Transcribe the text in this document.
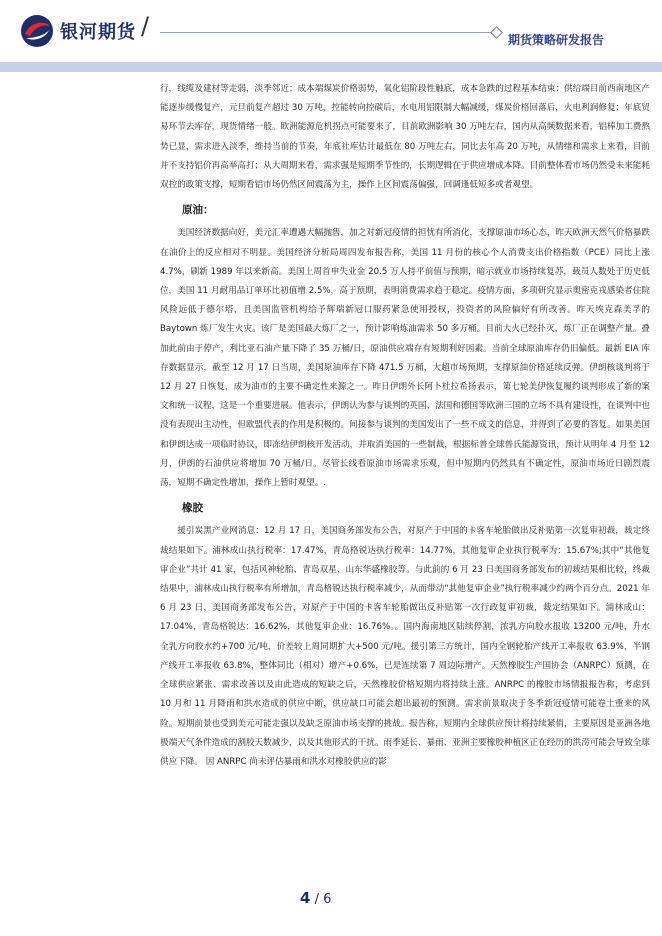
银河期货 /	期货策略研发报告

行，线缆及建材等走弱，淡季邻近；成本端煤炭价格弱势，氧化铝阶段性触底，成本急跌的过程基本结束；供给端目前西南地区产能逐步缓慢复产，元旦前复产超过 30 万吨，控能转向控碳后，水电用铝限制大幅减缓，煤炭价格回落后，火电利润修复；年底贸易环节去库存，现货情绪一般。欧洲能源危机拐点可能要来了，目前欧洲影响 30 万吨左右，国内从高频数据来看，铝棒加工费熬势已显，需求进入淡季，维持当前的节奏，年底社库估计最低在 80 万吨左右，同比去年高 20 万吨，从情绪和需求上来看，目前并不支持铝价再高举高打；从大周期来看，需求强是短期季节性的，长期逻辑在于供应增成本降。目前整体看市场仍然受未来能耗双控的政策支撑，短期看铝市场仍然区间震荡为主，操作上区间震荡偏强，回调逢低短多或者观望。

原油：

美国经济数据向好，美元汇率遭遇大幅抛售，加之对新冠疫情的担忧有所消化，支撑原油市场心态，昨天欧洲天然气价格暴跌在油价上的反应相对不明显。美国经济分析局周四发布报告称，美国 11 月份的核心个人消费支出价格指数（PCE）同比上涨 4.7%，刷新 1989 年以来新高。美国上周首申失业金 20.5 万人持平前值与预期，暗示就业市场持续复苏，载员人数处于历史低位，美国 11 月耐用品订单环比初值增 2.5%，高于预期，表明消费需求趋于稳定。疫情方面，多项研究显示奥密克戎感染者住院风险远低于德尔塔，且美国监管机构给予辉瑞新冠口服药紧急使用授权，投资者的风险偏好有所改善。昨天埃克森美孚的 Baytown 炼厂发生火灾。该厂是美国最大炼厂之一，预计影响炼油需求 50 多万桶。目前大火已经扑灭，炼厂正在调整产量。叠加此前由于停产，利比亚石油产量下降了 35 万桶/日，原油供应端存有短期利好因素。当前全球原油库存仍旧偏低。最新 EIA 库存数据显示，截至 12 月 17 日当周，美国原油库存下降 471.5 万桶，大超市场预期，支撑原油价格延续反弹。伊朗核谈判将于 12 月 27 日恢复，成为油市的主要不确定性来源之一。昨日伊朗外长阿卜杜拉希扬表示，第七轮美伊恢复履约谈判形成了新的案文和统一议程，这是一个重要进展。他表示，伊朗认为参与谈判的英国、法国和德国等欧洲三国的立场不具有建设性，在谈判中也没有表现出主动性，但欧盟代表的作用是积极的。间接参与谈判的美国发出了一些不成文的信息，并得到了必要的答复。如果美国和伊朗达成一项临时协议，即冻结伊朗核开发活动，并取消美国的一些制裁，根据标普全球普氏能源资讯，预计从明年 4 月至 12 月，伊朗的石油供应将增加 70 万桶/日。尽管长线看原油市场需求乐观，但中短期内仍然具有不确定性，原油市场近日剧烈震荡，短期不确定性增加，操作上暂时观望。.

橡胶

援引炭黑产业网消息：12 月 17 日，美国商务部发布公告，对原产于中国的卡客车轮胎做出反补贴第一次复审初裁，裁定终裁结果如下。浦林成山执行税率：17.47%，青岛格锐达执行税率：14.77%，其他复审企业执行税率为：15.67%;其中“其他复审企业”共计 41 家，包括风神轮胎、青岛双星、山东华盛橡胶等。与此前的 6 月 23 日美国商务部发布的初裁结果相比较，终裁结果中，浦林成山执行税率有所增加，青岛格锐达执行税率减少，从而带动“其他复审企业”执行税率减少约两个百分点。2021 年 6 月 23 日，美国商务部发布公告，对原产于中国的卡客车轮胎做出反补贴第一次行政复审初裁，裁定结果如下。浦林成山：17.04%，青岛格锐达：16.62%，其他复审企业：16.76%。。国内海南地区陆续停割，浓乳方向胶水报收 13200 元/吨，升水全乳方向胶水约+700 元/吨，价差较上周同期扩大+500 元/吨。援引第三方统计，国内全钢轮胎产线开工率报收 63.9%，半钢产线开工率报收 63.8%，整体同比（相对）增产+0.6%，已是连续第 7 周边际增产。天然橡胶生产国协会（ANRPC）预测，在全球供应紧张、需求改善以及由此造成的短缺之后，天然橡胶价格短期内将持续上涨。ANRPC 的橡胶市场情报报告称，考虑到 10 月和 11 月降雨和洪水造成的供应中断，供应缺口可能会超出最初的预测。需求前景取决于冬季新冠疫情可能卷土重来的风险。短期前景也受到美元可能走强以及缺乏原油市场支撑的挑战。报告称，短期内全球供应预计将持续紧俏，主要原因是亚洲各地极端天气条件造成的割胶天数减少，以及其他形式的干扰。雨季延长、暴雨、亚洲主要橡胶种植区正在经历的洪涝可能会导致全球供应下降。 因 ANRPC 尚未评估暴雨和洪水对橡胶供应的影

4 / 6
